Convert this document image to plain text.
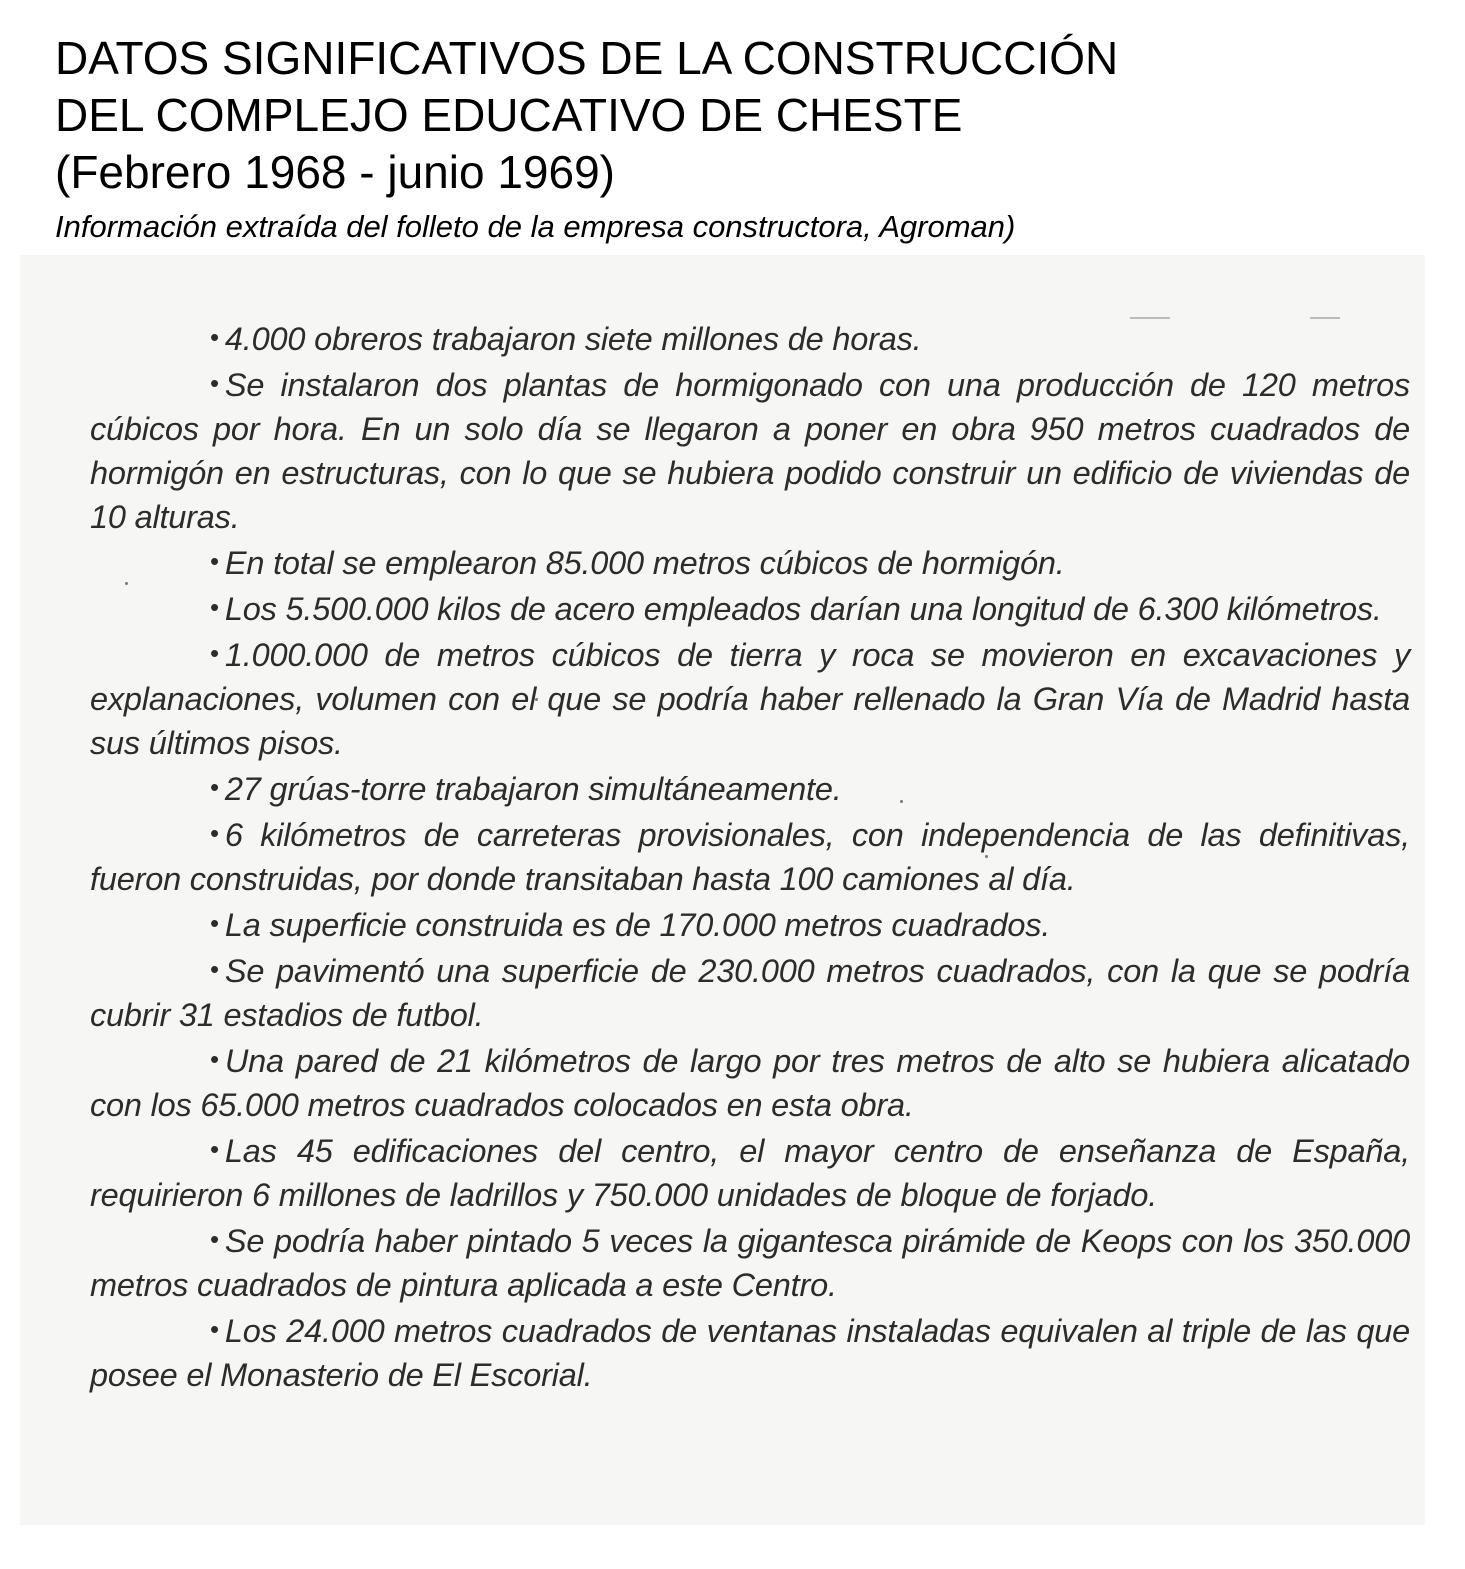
DATOS SIGNIFICATIVOS DE LA CONSTRUCCIÓN
DEL COMPLEJO EDUCATIVO DE CHESTE
(Febrero 1968 - junio 1969)
Información extraída del folleto de la empresa constructora, Agroman)

• 4.000 obreros trabajaron siete millones de horas.

• Se instalaron dos plantas de hormigonado con una producción de 120 metros cúbicos por hora. En un solo día se llegaron a poner en obra 950 metros cuadrados de hormigón en estructuras, con lo que se hubiera podido construir un edificio de viviendas de 10 alturas.

• En total se emplearon 85.000 metros cúbicos de hormigón.

• Los 5.500.000 kilos de acero empleados darían una longitud de 6.300 kilómetros.

• 1.000.000 de metros cúbicos de tierra y roca se movieron en excavaciones y explanaciones, volumen con el que se podría haber rellenado la Gran Vía de Madrid hasta sus últimos pisos.

• 27 grúas-torre trabajaron simultáneamente.

• 6 kilómetros de carreteras provisionales, con independencia de las definitivas, fueron construidas, por donde transitaban hasta 100 camiones al día.

• La superficie construida es de 170.000 metros cuadrados.

• Se pavimentó una superficie de 230.000 metros cuadrados, con la que se podría cubrir 31 estadios de futbol.

• Una pared de 21 kilómetros de largo por tres metros de alto se hubiera alicatado con los 65.000 metros cuadrados colocados en esta obra.

• Las 45 edificaciones del centro, el mayor centro de enseñanza de España, requirieron 6 millones de ladrillos y 750.000 unidades de bloque de forjado.

• Se podría haber pintado 5 veces la gigantesca pirámide de Keops con los 350.000 metros cuadrados de pintura aplicada a este Centro.

• Los 24.000 metros cuadrados de ventanas instaladas equivalen al triple de las que posee el Monasterio de El Escorial.
